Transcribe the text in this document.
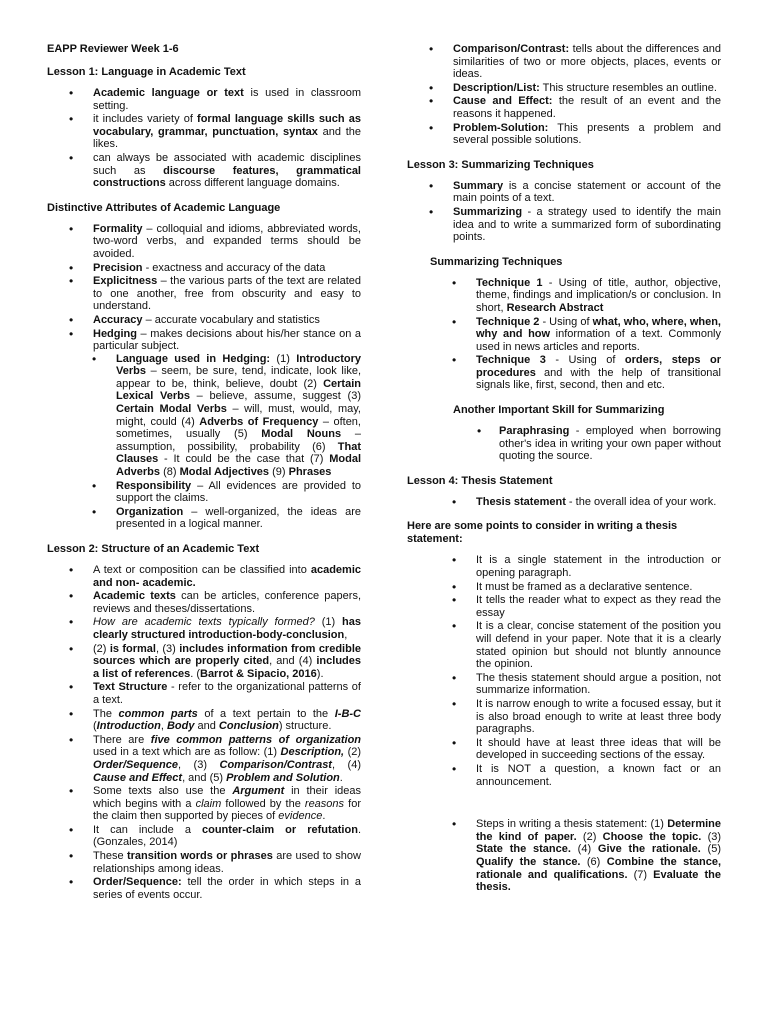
EAPP Reviewer Week 1-6
Lesson 1: Language in Academic Text
• Academic language or text is used in classroom setting.
• it includes variety of formal language skills such as vocabulary, grammar, punctuation, syntax and the likes.
• can always be associated with academic disciplines such as discourse features, grammatical constructions across different language domains.
Distinctive Attributes of Academic Language
• Formality – colloquial and idioms, abbreviated words, two-word verbs, and expanded terms should be avoided.
• Precision - exactness and accuracy of the data
• Explicitness – the various parts of the text are related to one another, free from obscurity and easy to understand.
• Accuracy – accurate vocabulary and statistics
• Hedging – makes decisions about his/her stance on a particular subject.
• Language used in Hedging: (1) Introductory Verbs – seem, be sure, tend, indicate, look like, appear to be, think, believe, doubt (2) Certain Lexical Verbs – believe, assume, suggest (3) Certain Modal Verbs – will, must, would, may, might, could (4) Adverbs of Frequency – often, sometimes, usually (5) Modal Nouns – assumption, possibility, probability (6) That Clauses - It could be the case that (7) Modal Adverbs (8) Modal Adjectives (9) Phrases
• Responsibility – All evidences are provided to support the claims.
• Organization – well-organized, the ideas are presented in a logical manner.
Lesson 2: Structure of an Academic Text
• A text or composition can be classified into academic and non- academic.
• Academic texts can be articles, conference papers, reviews and theses/dissertations.
• How are academic texts typically formed? (1) has clearly structured introduction-body-conclusion,
• (2) is formal, (3) includes information from credible sources which are properly cited, and (4) includes a list of references. (Barrot & Sipacio, 2016).
• Text Structure - refer to the organizational patterns of a text.
• The common parts of a text pertain to the I-B-C (Introduction, Body and Conclusion) structure.
• There are five common patterns of organization used in a text which are as follow: (1) Description, (2) Order/Sequence, (3) Comparison/Contrast, (4) Cause and Effect, and (5) Problem and Solution.
• Some texts also use the Argument in their ideas which begins with a claim followed by the reasons for the claim then supported by pieces of evidence.
• It can include a counter-claim or refutation. (Gonzales, 2014)
• These transition words or phrases are used to show relationships among ideas.
• Order/Sequence: tell the order in which steps in a series of events occur.
• Comparison/Contrast: tells about the differences and similarities of two or more objects, places, events or ideas.
• Description/List: This structure resembles an outline.
• Cause and Effect: the result of an event and the reasons it happened.
• Problem-Solution: This presents a problem and several possible solutions.
Lesson 3: Summarizing Techniques
• Summary is a concise statement or account of the main points of a text.
• Summarizing - a strategy used to identify the main idea and to write a summarized form of subordinating points.
Summarizing Techniques
• Technique 1 - Using of title, author, objective, theme, findings and implication/s or conclusion. In short, Research Abstract
• Technique 2 - Using of what, who, where, when, why and how information of a text. Commonly used in news articles and reports.
• Technique 3 - Using of orders, steps or procedures and with the help of transitional signals like, first, second, then and etc.
Another Important Skill for Summarizing
• Paraphrasing - employed when borrowing other's idea in writing your own paper without quoting the source.
Lesson 4: Thesis Statement
• Thesis statement - the overall idea of your work.
Here are some points to consider in writing a thesis statement:
• It is a single statement in the introduction or opening paragraph.
• It must be framed as a declarative sentence.
• It tells the reader what to expect as they read the essay
• It is a clear, concise statement of the position you will defend in your paper. Note that it is a clearly stated opinion but should not bluntly announce the opinion.
• The thesis statement should argue a position, not summarize information.
• It is narrow enough to write a focused essay, but it is also broad enough to write at least three body paragraphs.
• It should have at least three ideas that will be developed in succeeding sections of the essay.
• It is NOT a question, a known fact or an announcement.
• Steps in writing a thesis statement: (1) Determine the kind of paper. (2) Choose the topic. (3) State the stance. (4) Give the rationale. (5) Qualify the stance. (6) Combine the stance, rationale and qualifications. (7) Evaluate the thesis.
